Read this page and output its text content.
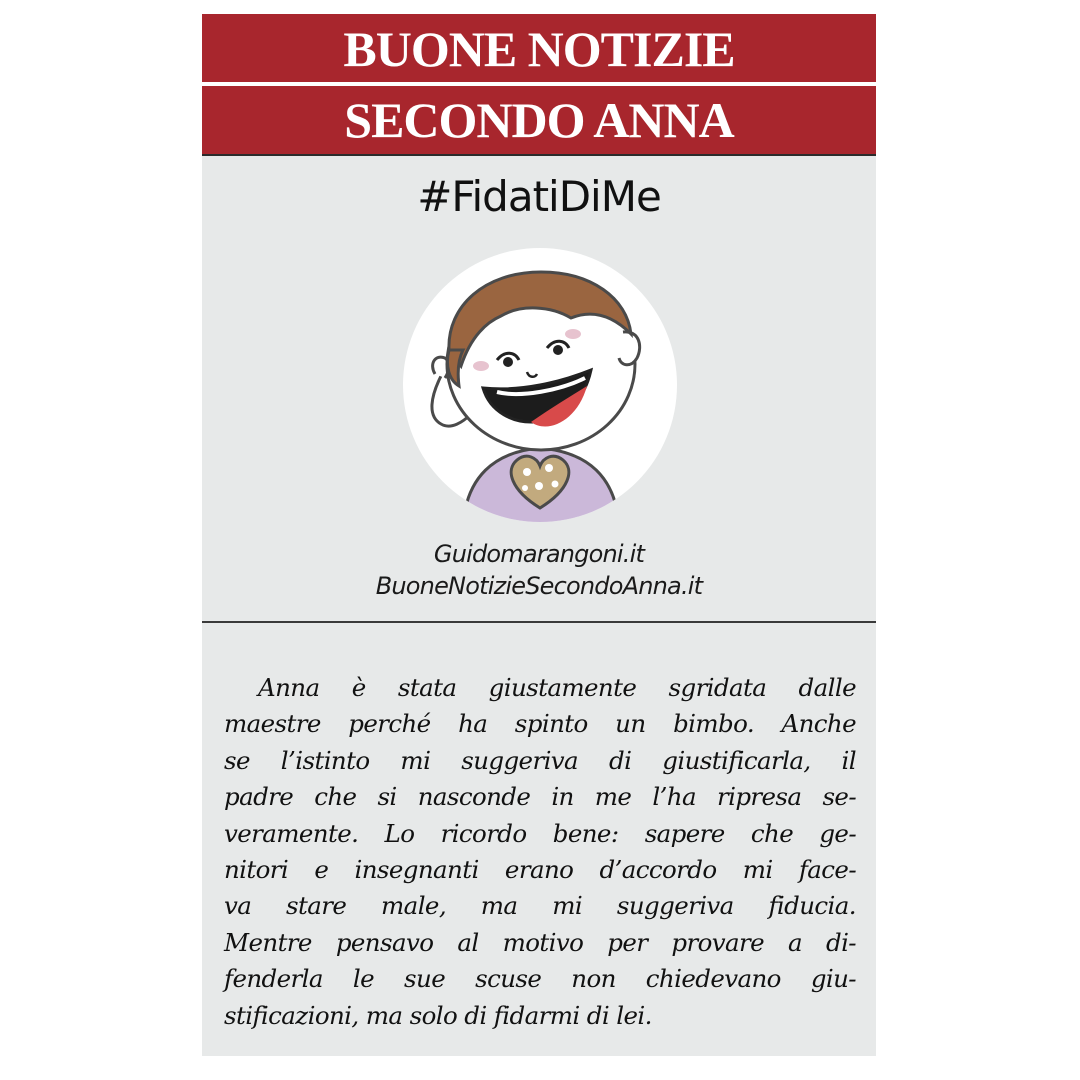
BUONE NOTIZIE
SECONDO ANNA
#FidatiDiMe
Guidomarangoni.it
BuoneNotizieSecondoAnna.it
Anna è stata giustamente sgridata dalle
maestre perché ha spinto un bimbo. Anche
se l’istinto mi suggeriva di giustificarla, il
padre che si nasconde in me l’ha ripresa se-
veramente. Lo ricordo bene: sapere che ge-
nitori e insegnanti erano d’accordo mi face-
va stare male, ma mi suggeriva fiducia.
Mentre pensavo al motivo per provare a di-
fenderla le sue scuse non chiedevano giu-
stificazioni, ma solo di fidarmi di lei.
